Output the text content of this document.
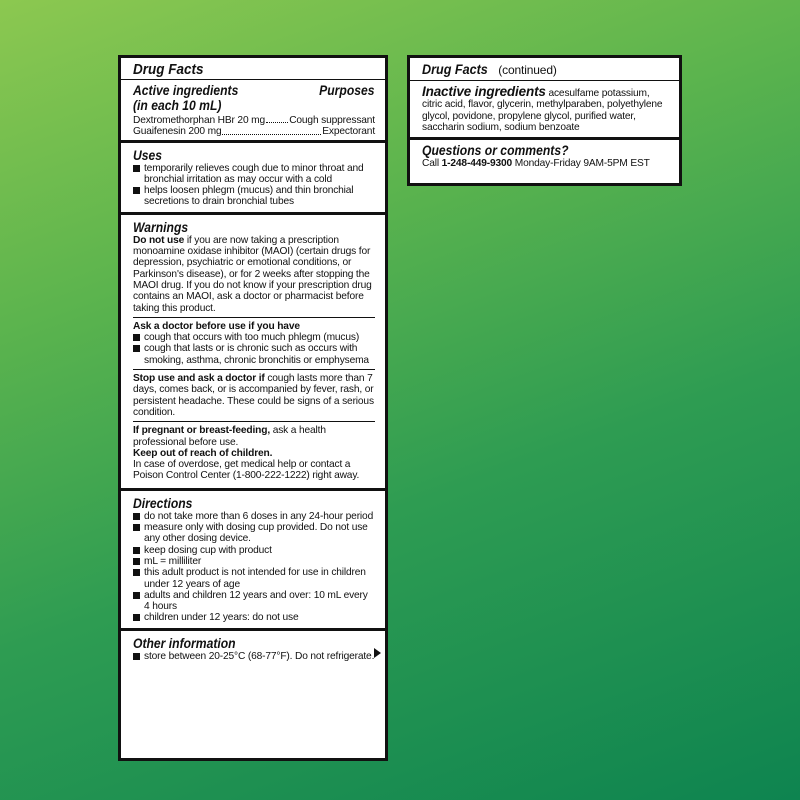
Drug Facts
Active ingredients	Purposes
(in each 10 mL)
Dextromethorphan HBr 20 mg Cough suppressant
Guaifenesin 200 mg	Expectorant
Uses
temporarily relieves cough due to minor throat and bronchial irritation as may occur with a cold
helps loosen phlegm (mucus) and thin bronchial secretions to drain bronchial tubes
Warnings
Do not use if you are now taking a prescription monoamine oxidase inhibitor (MAOI) (certain drugs for depression, psychiatric or emotional conditions, or Parkinson's disease), or for 2 weeks after stopping the MAOI drug. If you do not know if your prescription drug contains an MAOI, ask a doctor or pharmacist before taking this product.
Ask a doctor before use if you have
cough that occurs with too much phlegm (mucus)
cough that lasts or is chronic such as occurs with smoking, asthma, chronic bronchitis or emphysema
Stop use and ask a doctor if cough lasts more than 7 days, comes back, or is accompanied by fever, rash, or persistent headache. These could be signs of a serious condition.
If pregnant or breast-feeding, ask a health professional before use.
Keep out of reach of children.
In case of overdose, get medical help or contact a Poison Control Center (1-800-222-1222) right away.
Directions
do not take more than 6 doses in any 24-hour period
measure only with dosing cup provided. Do not use any other dosing device.
keep dosing cup with product
mL = milliliter
this adult product is not intended for use in children under 12 years of age
adults and children 12 years and over: 10 mL every 4 hours
children under 12 years: do not use
Other information
store between 20-25°C (68-77°F). Do not refrigerate.
Drug Facts (continued)
Inactive ingredients acesulfame potassium, citric acid, flavor, glycerin, methylparaben, polyethylene glycol, povidone, propylene glycol, purified water, saccharin sodium, sodium benzoate
Questions or comments?
Call 1-248-449-9300 Monday-Friday 9AM-5PM EST
